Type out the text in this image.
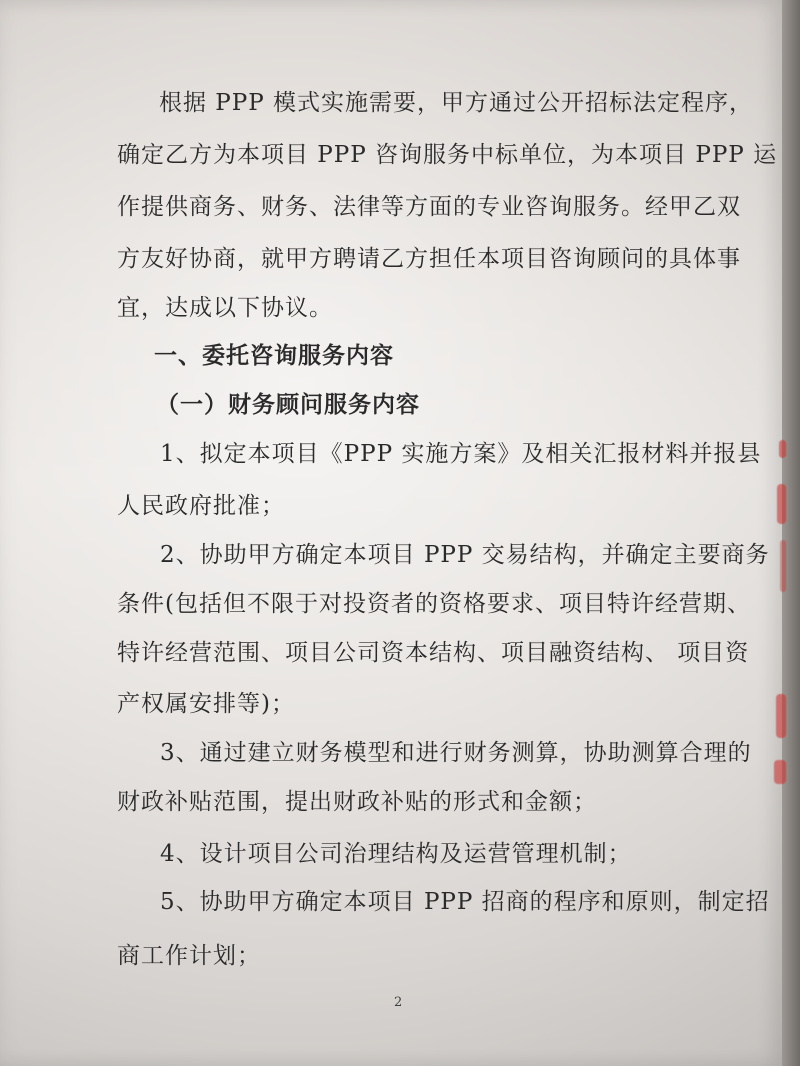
根据 PPP 模式实施需要，甲方通过公开招标法定程序，

确定乙方为本项目 PPP 咨询服务中标单位，为本项目 PPP 运

作提供商务、财务、法律等方面的专业咨询服务。经甲乙双

方友好协商，就甲方聘请乙方担任本项目咨询顾问的具体事

宜，达成以下协议。

一、委托咨询服务内容

（一）财务顾问服务内容

1、拟定本项目《PPP 实施方案》及相关汇报材料并报县

人民政府批准；

2、协助甲方确定本项目 PPP 交易结构，并确定主要商务

条件(包括但不限于对投资者的资格要求、项目特许经营期、

特许经营范围、项目公司资本结构、项目融资结构、 项目资

产权属安排等)；

3、通过建立财务模型和进行财务测算，协助测算合理的

财政补贴范围，提出财政补贴的形式和金额；

4、设计项目公司治理结构及运营管理机制；

5、协助甲方确定本项目 PPP 招商的程序和原则，制定招

商工作计划；

2
